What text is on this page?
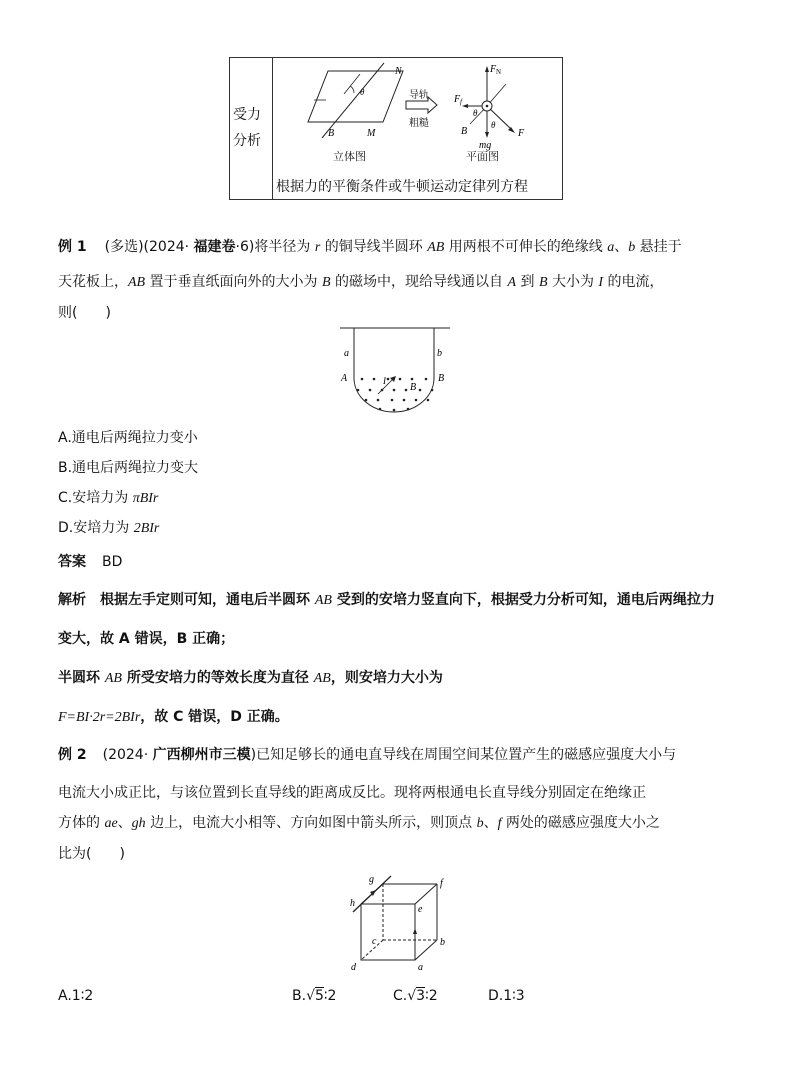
受力
分析
根据力的平衡条件或牛顿运动定律列方程
N
θ
B	M
立体图
导轨
粗糙
F N
F f
θ
θ
B	F
mg
平面图
例 1 (多选)(2024· 福建卷·6)将半径为 r 的铜导线半圆环 AB 用两根不可伸长的绝缘线 a、b 悬挂于
天花板上，AB 置于垂直纸面向外的大小为 B 的磁场中，现给导线通以自 A 到 B 大小为 I 的电流，
则(　　)
a	b
A	B
I
B
A.通电后两绳拉力变小
B.通电后两绳拉力变大
C.安培力为 πBIr
D.安培力为 2BIr
答案 BD
解析 根据左手定则可知，通电后半圆环 AB 受到的安培力竖直向下，根据受力分析可知，通电后两绳拉力
变大，故 A 错误，B 正确；
半圆环 AB 所受安培力的等效长度为直径 AB，则安培力大小为
F=BI·2r=2BIr，故 C 错误，D 正确。
例 2 (2024· 广西柳州市三模)已知足够长的通电直导线在周围空间某位置产生的磁感应强度大小与
电流大小成正比，与该位置到长直导线的距离成反比。现将两根通电长直导线分别固定在绝缘正
方体的 ae、gh 边上，电流大小相等、方向如图中箭头所示，则顶点 b、f 两处的磁感应强度大小之
比为(　　)
g	f
h
e
c	b
d	a
A.1∶2	B.√5∶2	C.√3∶2	D.1∶3
